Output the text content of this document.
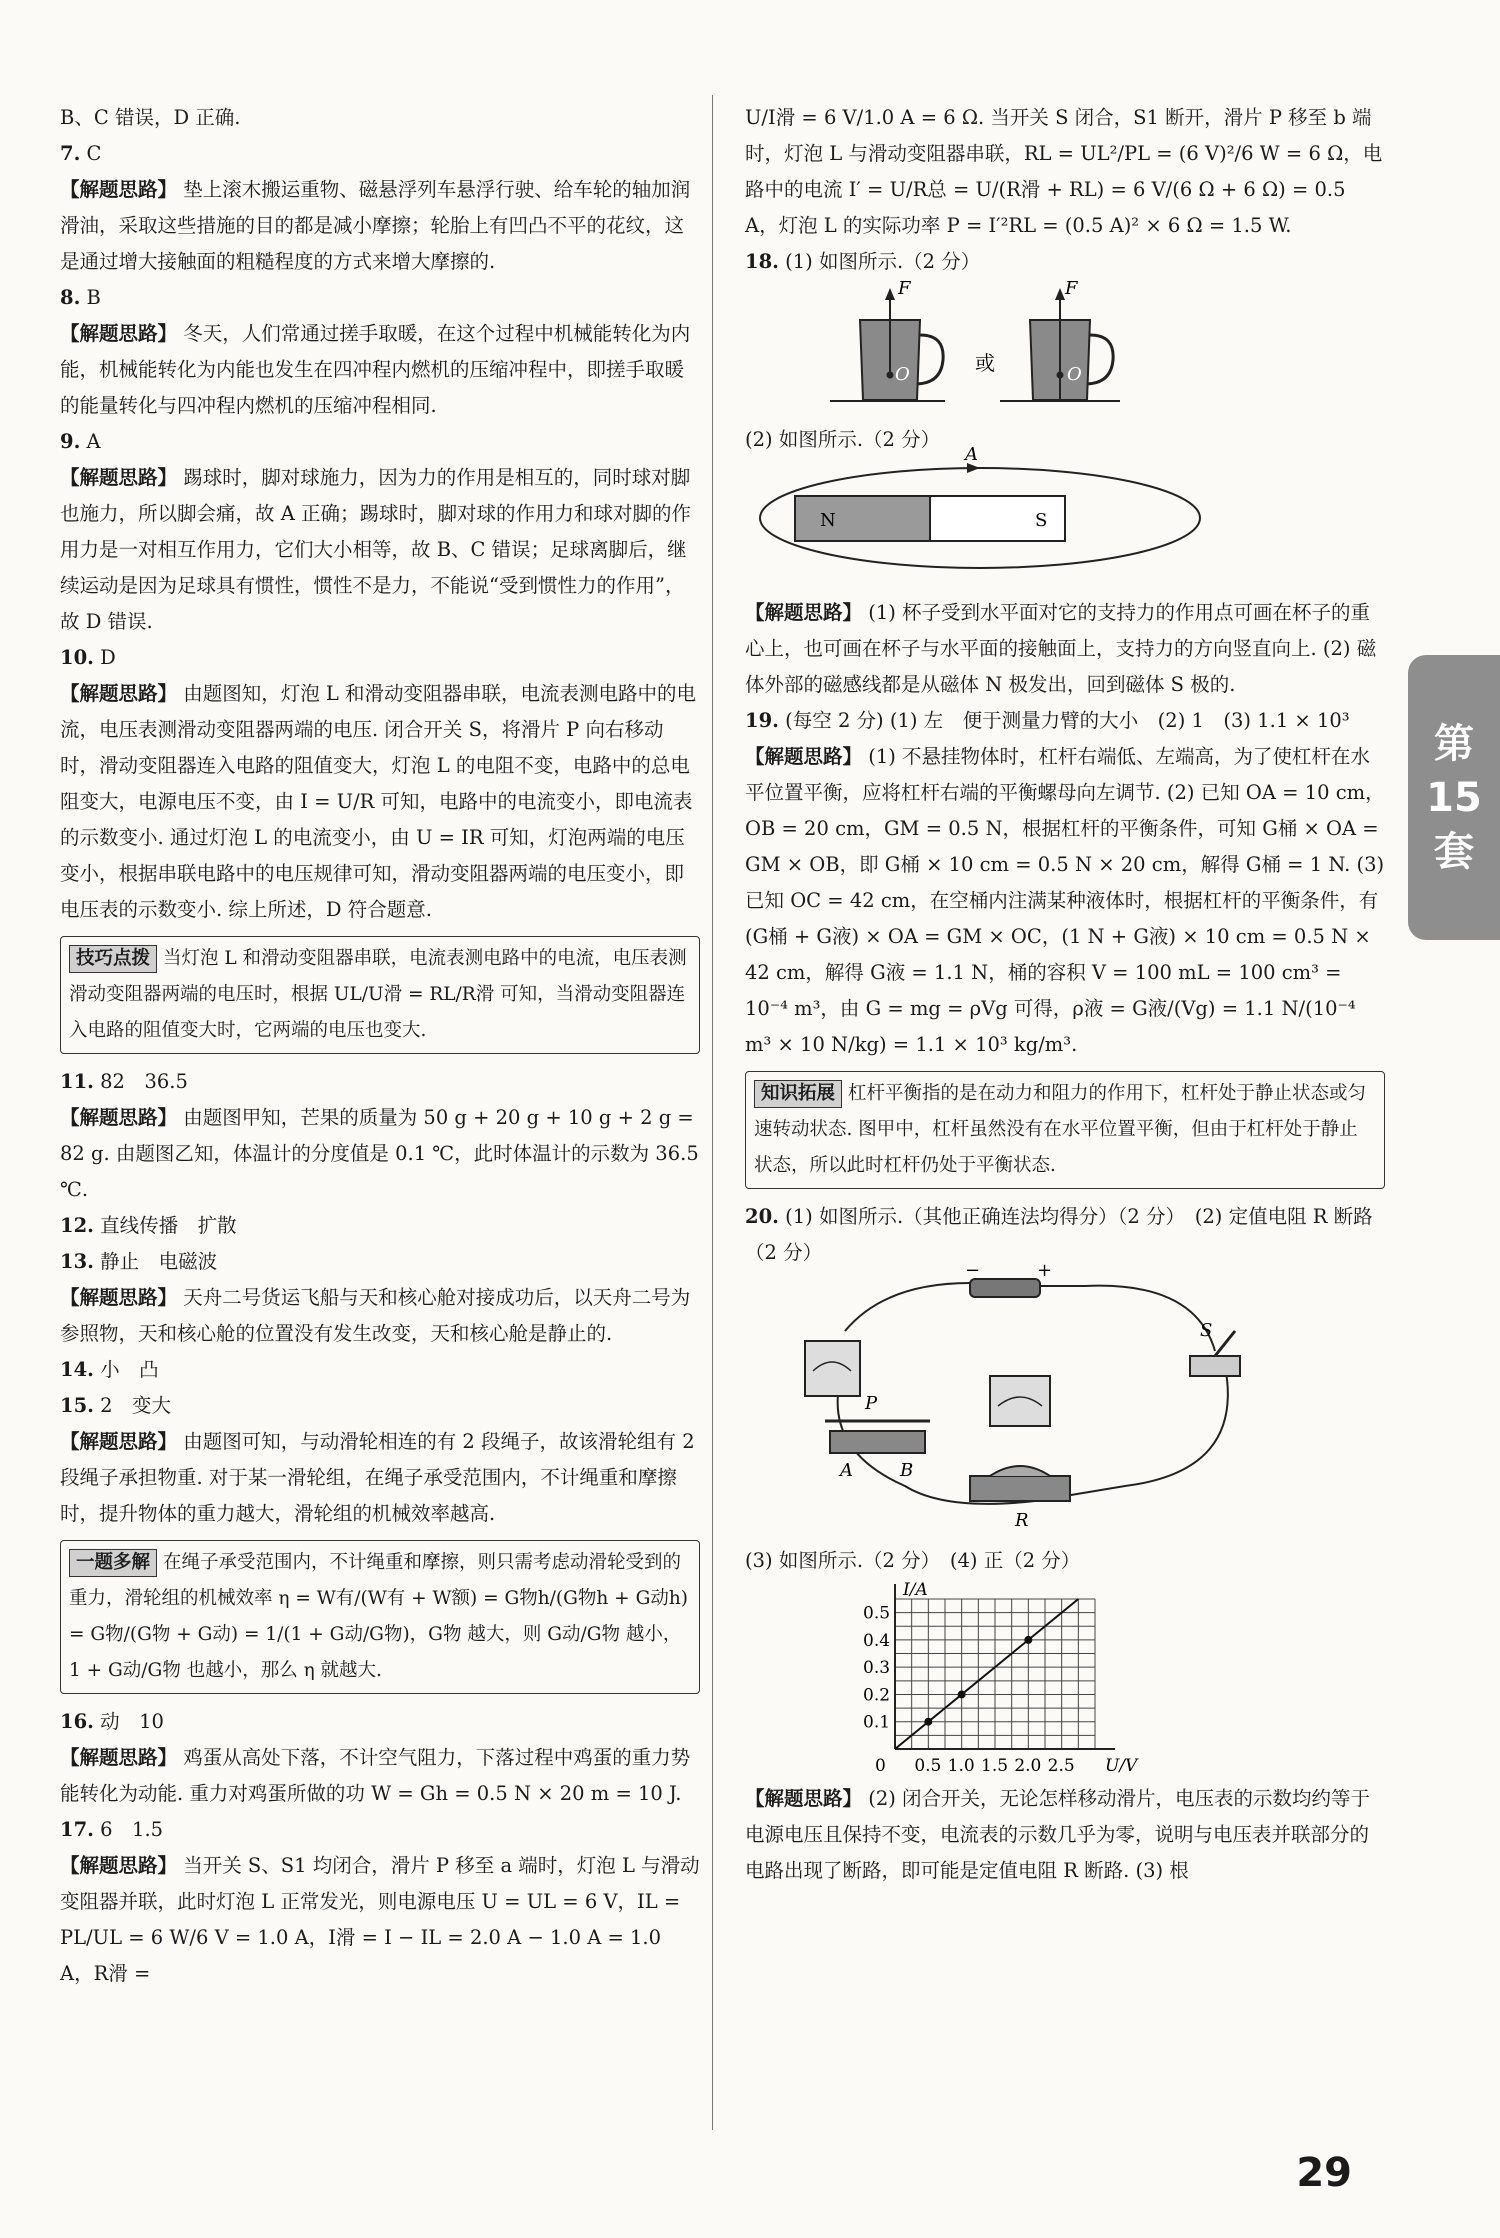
B、C 错误，D 正确.

7. C

【解题思路】 垫上滚木搬运重物、磁悬浮列车悬浮行驶、给车轮的轴加润滑油，采取这些措施的目的都是减小摩擦；轮胎上有凹凸不平的花纹，这是通过增大接触面的粗糙程度的方式来增大摩擦的.

8. B

【解题思路】 冬天，人们常通过搓手取暖，在这个过程中机械能转化为内能，机械能转化为内能也发生在四冲程内燃机的压缩冲程中，即搓手取暖的能量转化与四冲程内燃机的压缩冲程相同.

9. A

【解题思路】 踢球时，脚对球施力，因为力的作用是相互的，同时球对脚也施力，所以脚会痛，故 A 正确；踢球时，脚对球的作用力和球对脚的作用力是一对相互作用力，它们大小相等，故 B、C 错误；足球离脚后，继续运动是因为足球具有惯性，惯性不是力，不能说“受到惯性力的作用”，故 D 错误.

10. D

【解题思路】 由题图知，灯泡 L 和滑动变阻器串联，电流表测电路中的电流，电压表测滑动变阻器两端的电压. 闭合开关 S，将滑片 P 向右移动时，滑动变阻器连入电路的阻值变大，灯泡 L 的电阻不变，电路中的总电阻变大，电源电压不变，由 I = U/R 可知，电路中的电流变小，即电流表的示数变小. 通过灯泡 L 的电流变小，由 U = IR 可知，灯泡两端的电压变小，根据串联电路中的电压规律可知，滑动变阻器两端的电压变小，即电压表的示数变小. 综上所述，D 符合题意.

技巧点拨 当灯泡 L 和滑动变阻器串联，电流表测电路中的电流，电压表测滑动变阻器两端的电压时，根据 UL/U滑 = RL/R滑 可知，当滑动变阻器连入电路的阻值变大时，它两端的电压也变大.

11. 82　36.5

【解题思路】 由题图甲知，芒果的质量为 50 g + 20 g + 10 g + 2 g = 82 g. 由题图乙知，体温计的分度值是 0.1 ℃，此时体温计的示数为 36.5 ℃.

12. 直线传播　扩散

13. 静止　电磁波

【解题思路】 天舟二号货运飞船与天和核心舱对接成功后，以天舟二号为参照物，天和核心舱的位置没有发生改变，天和核心舱是静止的.

14. 小　凸

15. 2　变大

【解题思路】 由题图可知，与动滑轮相连的有 2 段绳子，故该滑轮组有 2 段绳子承担物重. 对于某一滑轮组，在绳子承受范围内，不计绳重和摩擦时，提升物体的重力越大，滑轮组的机械效率越高.

一题多解 在绳子承受范围内，不计绳重和摩擦，则只需考虑动滑轮受到的重力，滑轮组的机械效率 η = W有/(W有 + W额) = G物h/(G物h + G动h) = G物/(G物 + G动) = 1/(1 + G动/G物)，G物 越大，则 G动/G物 越小，1 + G动/G物 也越小，那么 η 就越大.

16. 动　10

【解题思路】 鸡蛋从高处下落，不计空气阻力，下落过程中鸡蛋的重力势能转化为动能. 重力对鸡蛋所做的功 W = Gh = 0.5 N × 20 m = 10 J.

17. 6　1.5

【解题思路】 当开关 S、S1 均闭合，滑片 P 移至 a 端时，灯泡 L 与滑动变阻器并联，此时灯泡 L 正常发光，则电源电压 U = UL = 6 V，IL = PL/UL = 6 W/6 V = 1.0 A，I滑 = I − IL = 2.0 A − 1.0 A = 1.0 A，R滑 =

U/I滑 = 6 V/1.0 A = 6 Ω. 当开关 S 闭合，S1 断开，滑片 P 移至 b 端时，灯泡 L 与滑动变阻器串联，RL = UL²/PL = (6 V)²/6 W = 6 Ω，电路中的电流 I′ = U/R总 = U/(R滑 + RL) = 6 V/(6 Ω + 6 Ω) = 0.5 A，灯泡 L 的实际功率 P = I′²RL = (0.5 A)² × 6 Ω = 1.5 W.

18. (1) 如图所示.（2 分）

F
O	或
F
O

(2) 如图所示.（2 分）

A
N	S

【解题思路】 (1) 杯子受到水平面对它的支持力的作用点可画在杯子的重心上，也可画在杯子与水平面的接触面上，支持力的方向竖直向上. (2) 磁体外部的磁感线都是从磁体 N 极发出，回到磁体 S 极的.

19. (每空 2 分) (1) 左　便于测量力臂的大小　(2) 1　(3) 1.1 × 10³

【解题思路】 (1) 不悬挂物体时，杠杆右端低、左端高，为了使杠杆在水平位置平衡，应将杠杆右端的平衡螺母向左调节. (2) 已知 OA = 10 cm，OB = 20 cm，GM = 0.5 N，根据杠杆的平衡条件，可知 G桶 × OA = GM × OB，即 G桶 × 10 cm = 0.5 N × 20 cm，解得 G桶 = 1 N. (3) 已知 OC = 42 cm，在空桶内注满某种液体时，根据杠杆的平衡条件，有 (G桶 + G液) × OA = GM × OC，(1 N + G液) × 10 cm = 0.5 N × 42 cm，解得 G液 = 1.1 N，桶的容积 V = 100 mL = 100 cm³ = 10⁻⁴ m³，由 G = mg = ρVg 可得，ρ液 = G液/(Vg) = 1.1 N/(10⁻⁴ m³ × 10 N/kg) = 1.1 × 10³ kg/m³.

知识拓展 杠杆平衡指的是在动力和阻力的作用下，杠杆处于静止状态或匀速转动状态. 图甲中，杠杆虽然没有在水平位置平衡，但由于杠杆处于静止状态，所以此时杠杆仍处于平衡状态.

20. (1) 如图所示.（其他正确连法均得分）（2 分）　(2) 定值电阻 R 断路（2 分）

−	+
S
P
A	B
R

(3) 如图所示.（2 分）　(4) 正（2 分）

0.5 1.0 1.5 2.0 2.5
0.1
0.2
0.3
0.4
0.5
0	U/V
I/A

【解题思路】 (2) 闭合开关，无论怎样移动滑片，电压表的示数均约等于电源电压且保持不变，电流表的示数几乎为零，说明与电压表并联部分的电路出现了断路，即可能是定值电阻 R 断路. (3) 根

第
15
套
29
